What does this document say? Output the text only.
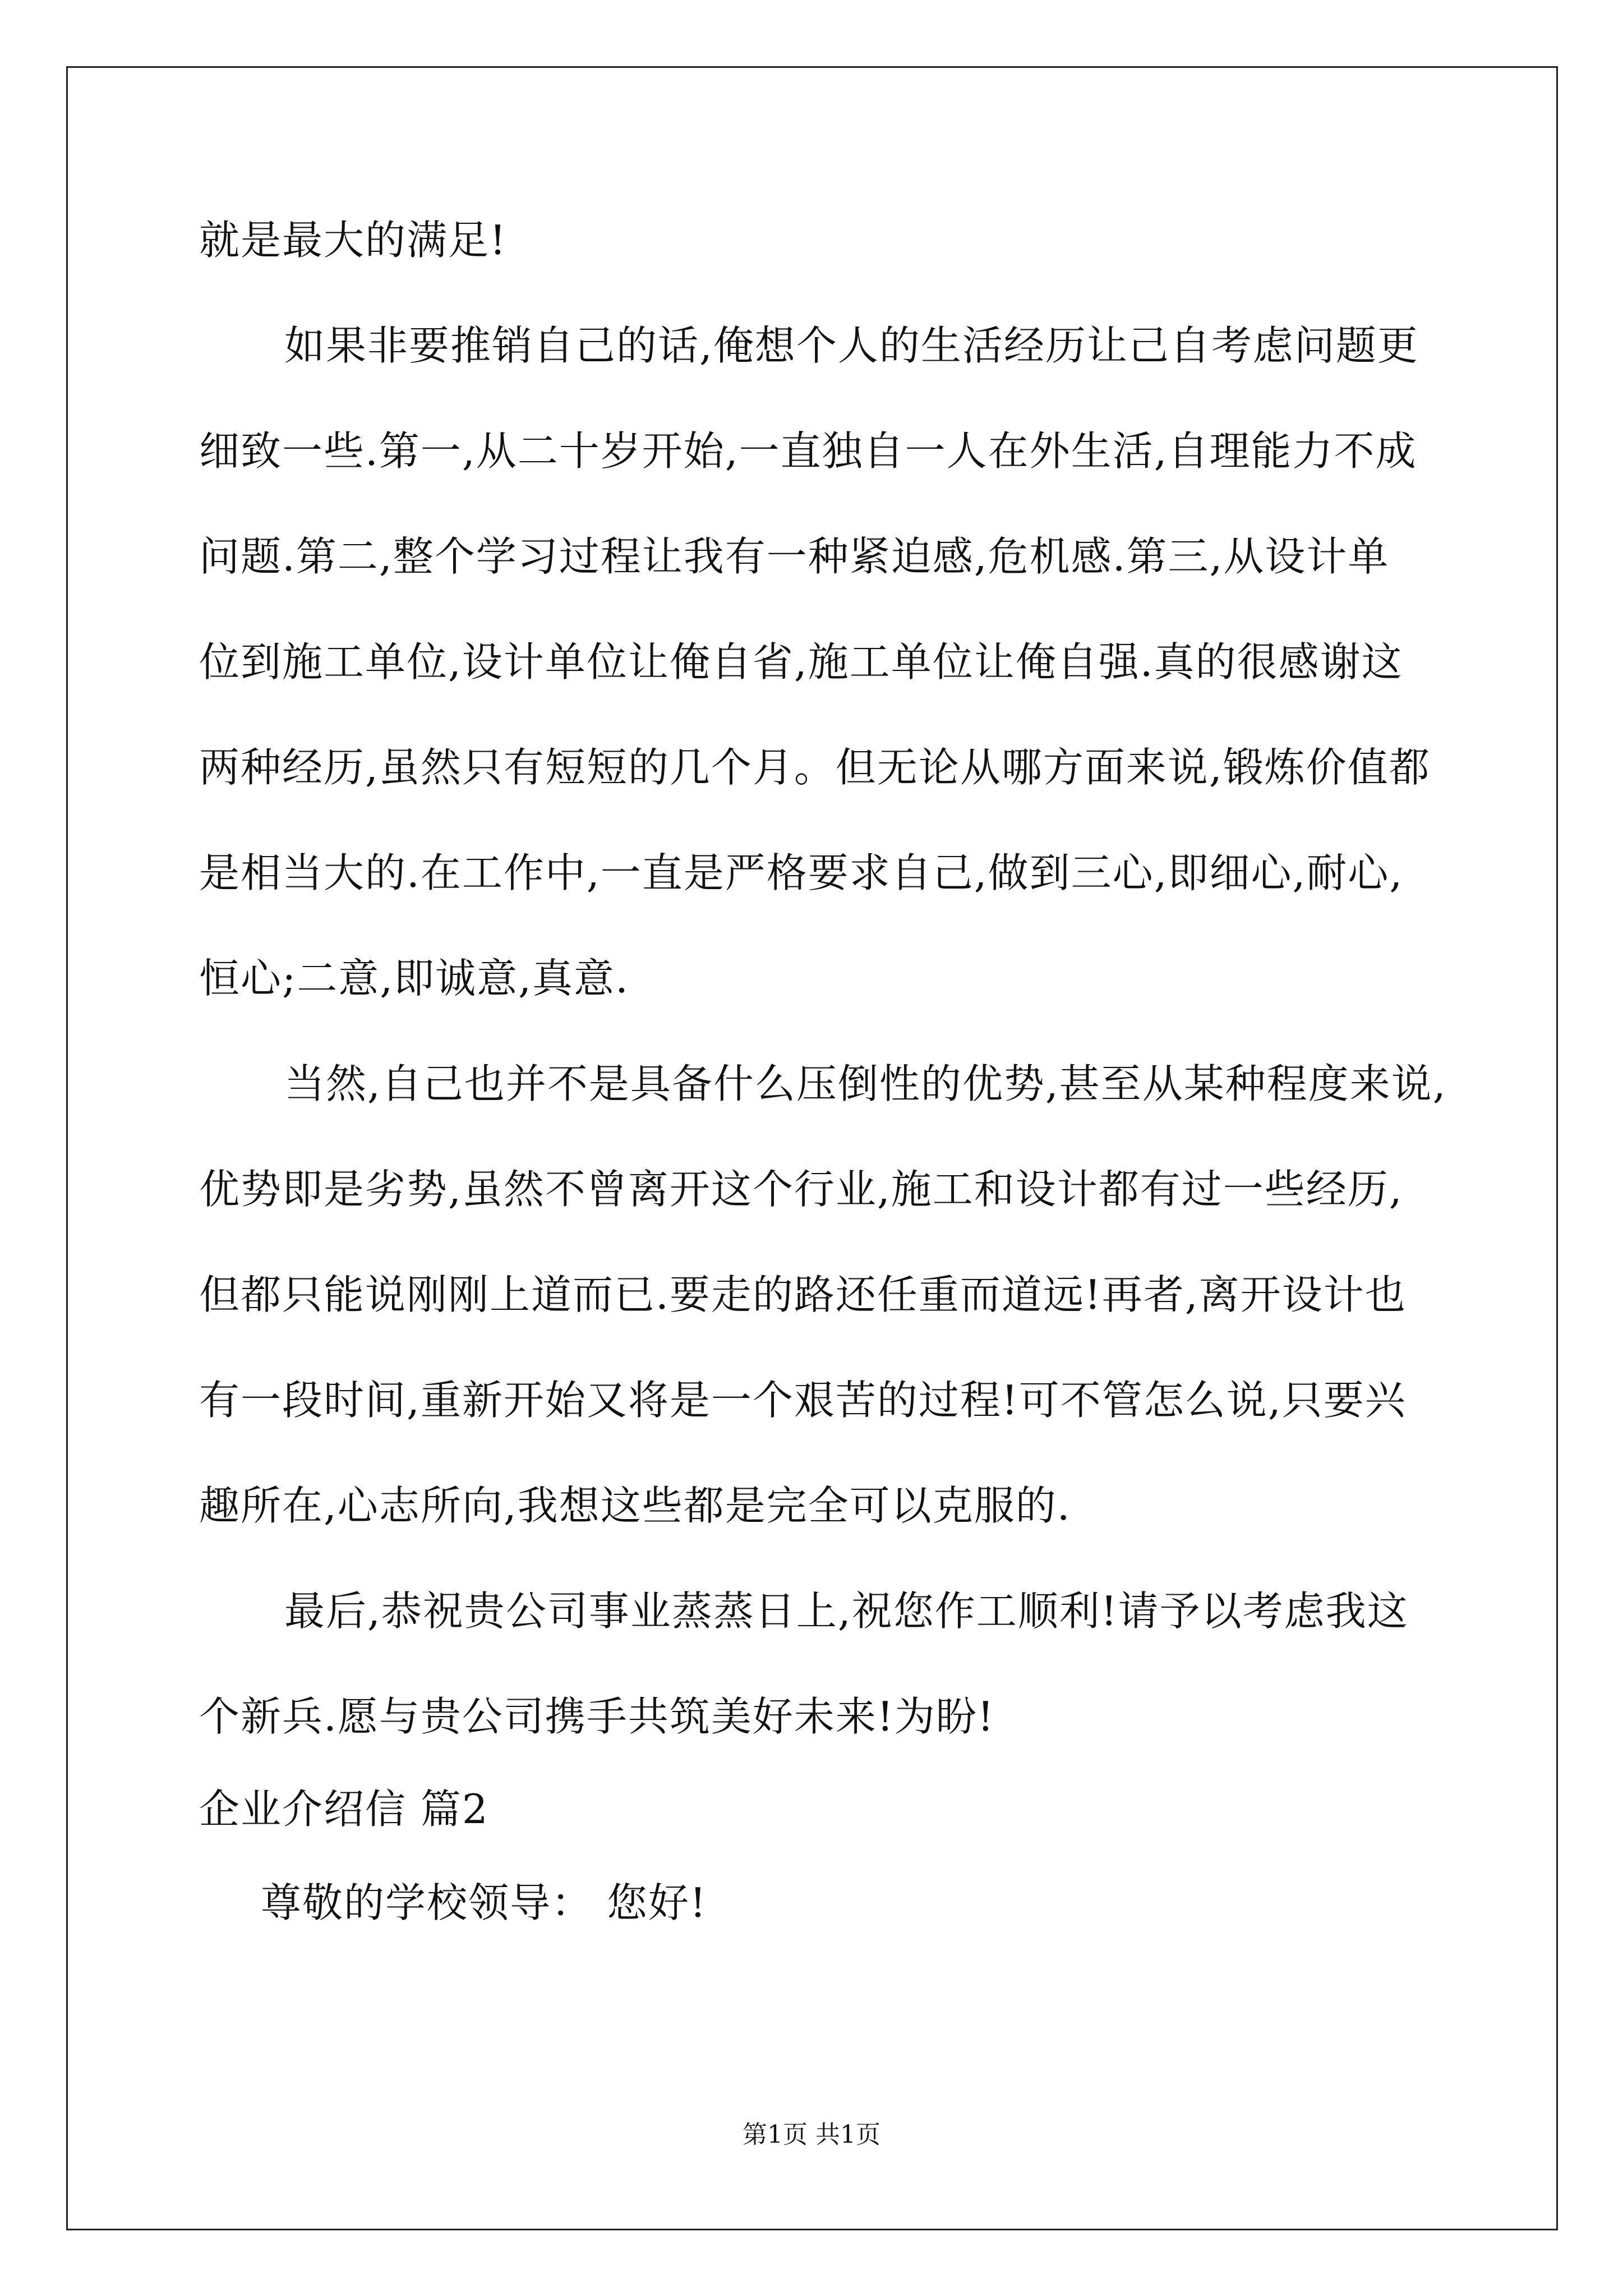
就是最大的满足!
如果非要推销自己的话,俺想个人的生活经历让己自考虑问题更
细致一些.第一,从二十岁开始,一直独自一人在外生活,自理能力不成
问题.第二,整个学习过程让我有一种紧迫感,危机感.第三,从设计单
位到施工单位,设计单位让俺自省,施工单位让俺自强.真的很感谢这
两种经历,虽然只有短短的几个月。但无论从哪方面来说,锻炼价值都
是相当大的.在工作中,一直是严格要求自己,做到三心,即细心,耐心,
恒心;二意,即诚意,真意.
当然,自己也并不是具备什么压倒性的优势,甚至从某种程度来说,
优势即是劣势,虽然不曾离开这个行业,施工和设计都有过一些经历,
但都只能说刚刚上道而已.要走的路还任重而道远!再者,离开设计也
有一段时间,重新开始又将是一个艰苦的过程!可不管怎么说,只要兴
趣所在,心志所向,我想这些都是完全可以克服的.
最后,恭祝贵公司事业蒸蒸日上,祝您作工顺利!请予以考虑我这
个新兵.愿与贵公司携手共筑美好未来!为盼!
企业介绍信 篇2
尊敬的学校领导： 您好!
第1页 共1页
